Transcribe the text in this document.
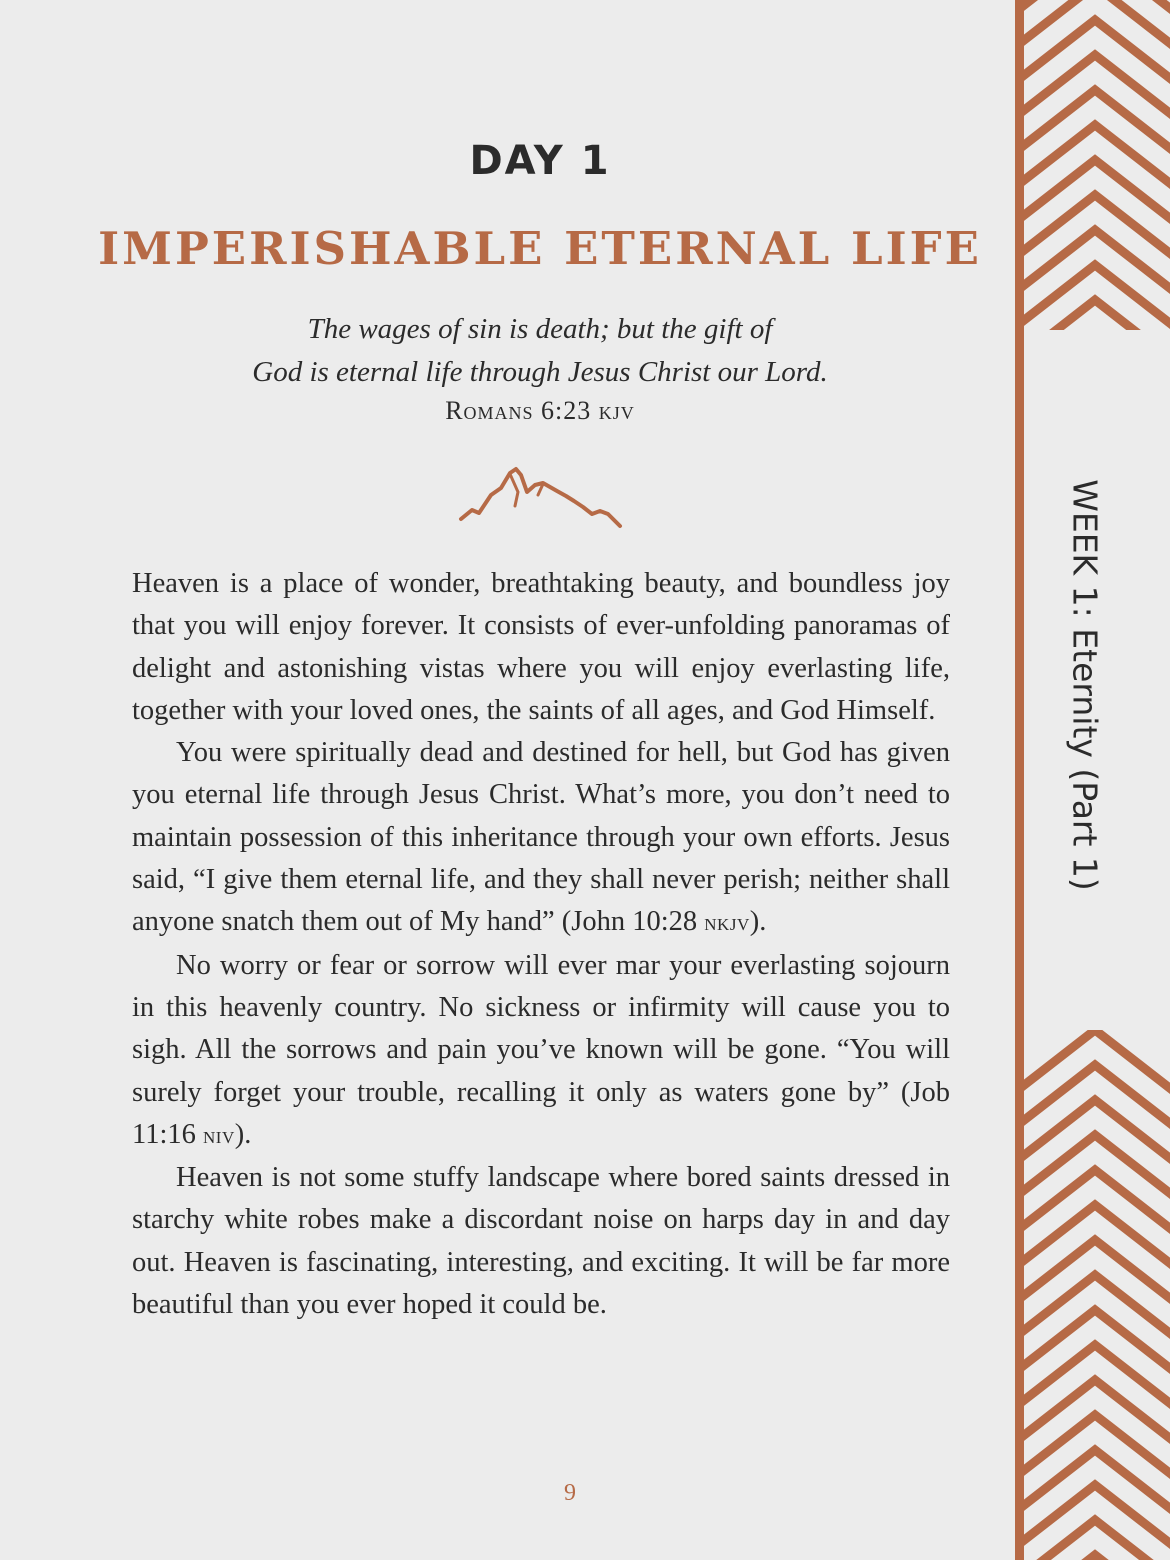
DAY 1
IMPERISHABLE ETERNAL LIFE
The wages of sin is death; but the gift of
God is eternal life through Jesus Christ our Lord.
Romans 6:23 kjv

Heaven is a place of wonder, breathtaking beauty, and boundless joy that you will enjoy forever. It consists of ever-unfolding panoramas of delight and astonishing vistas where you will enjoy everlasting life, together with your loved ones, the saints of all ages, and God Himself.

You were spiritually dead and destined for hell, but God has given you eternal life through Jesus Christ. What’s more, you don’t need to maintain possession of this inheritance through your own efforts. Jesus said, “I give them eternal life, and they shall never perish; neither shall anyone snatch them out of My hand” (John 10:28 nkjv).

No worry or fear or sorrow will ever mar your everlasting sojourn in this heavenly country. No sickness or infirmity will cause you to sigh. All the sorrows and pain you’ve known will be gone. “You will surely forget your trouble, recalling it only as waters gone by” (Job 11:16 niv).

Heaven is not some stuffy landscape where bored saints dressed in starchy white robes make a discordant noise on harps day in and day out. Heaven is fascinating, interesting, and exciting. It will be far more beautiful than you ever hoped it could be.

9
WEEK 1: Eternity (Part 1)
